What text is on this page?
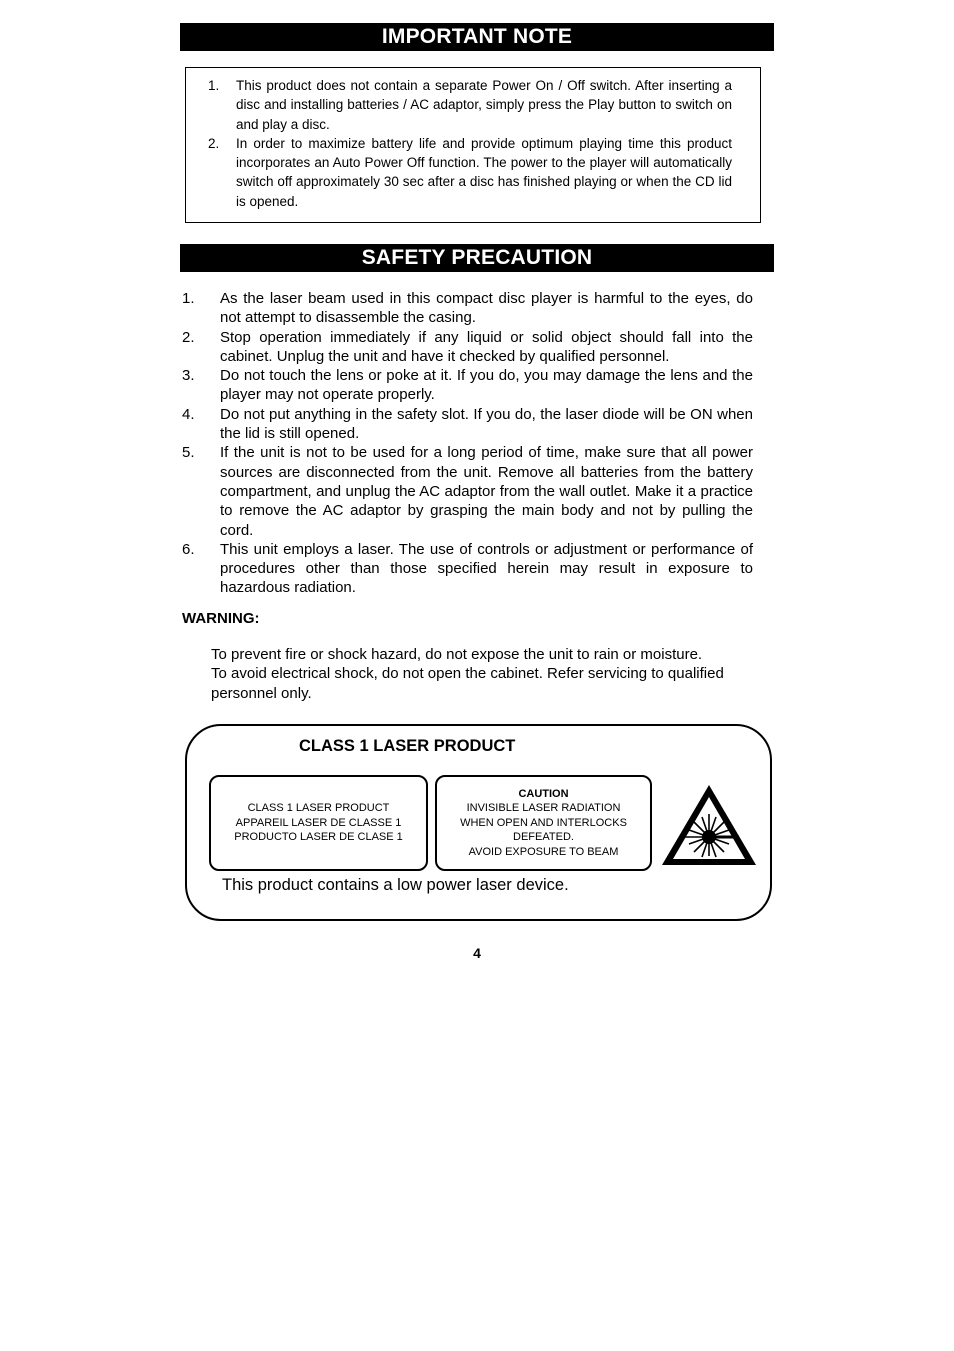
IMPORTANT NOTE
1. This product does not contain a separate Power On / Off switch. After inserting a disc and installing batteries / AC adaptor, simply press the Play button to switch on and play a disc.
2. In order to maximize battery life and provide optimum playing time this product incorporates an Auto Power Off function. The power to the player will automatically switch off approximately 30 sec after a disc has finished playing or when the CD lid is opened.
SAFETY PRECAUTION
1. As the laser beam used in this compact disc player is harmful to the eyes, do not attempt to disassemble the casing.
2. Stop operation immediately if any liquid or solid object should fall into the cabinet. Unplug the unit and have it checked by qualified personnel.
3. Do not touch the lens or poke at it. If you do, you may damage the lens and the player may not operate properly.
4. Do not put anything in the safety slot. If you do, the laser diode will be ON when the lid is still opened.
5. If the unit is not to be used for a long period of time, make sure that all power sources are disconnected from the unit. Remove all batteries from the battery compartment, and unplug the AC adaptor from the wall outlet. Make it a practice to remove the AC adaptor by grasping the main body and not by pulling the cord.
6. This unit employs a laser. The use of controls or adjustment or performance of procedures other than those specified herein may result in exposure to hazardous radiation.
WARNING:

To prevent fire or shock hazard, do not expose the unit to rain or moisture.

To avoid electrical shock, do not open the cabinet. Refer servicing to qualified personnel only.

CLASS 1 LASER PRODUCT
CLASS 1 LASER PRODUCT
APPAREIL LASER DE CLASSE 1
PRODUCTO LASER DE CLASE 1
CAUTION
INVISIBLE LASER RADIATION
WHEN OPEN AND INTERLOCKS
DEFEATED.
AVOID EXPOSURE TO BEAM
This product contains a low power laser device.
4
